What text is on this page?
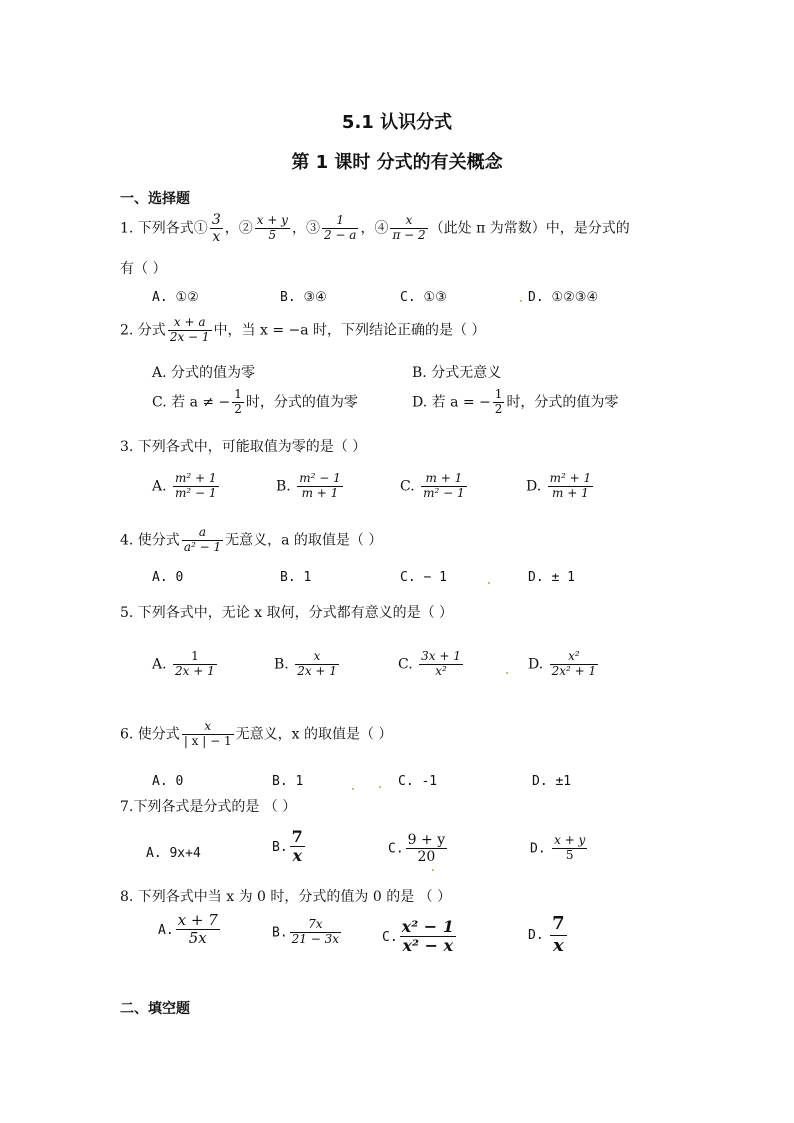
5.1 认识分式
第 1 课时 分式的有关概念
一、选择题
1. 下列各式① $\frac{3}{x}$ ，② $\frac{x + y}{5}$ ，③ $\frac{1}{2 - a}$ ，④ $\frac{x}{\pi - 2}$ （此处 π 为常数）中，是分式的
有（ ）
A. ①②	B. ③④	C. ①③	D. ①②③④
2. 分式 $\frac{x + a}{2x - 1}$ 中，当 x = −a 时，下列结论正确的是（ ）
A. 分式的值为零	B. 分式无意义
C. 若 a ≠ − $\frac{1}{2}$ 时，分式的值为零	D. 若 a = − $\frac{1}{2}$ 时，分式的值为零
3. 下列各式中，可能取值为零的是（ ）
A. $\frac{\text{m² + 1}}{\text{m² − 1}}$	B. $\frac{\text{m² − 1}}{m + 1}$	C. $\frac{m + 1}{\text{m² − 1}}$	D. $\frac{\text{m² + 1}}{m + 1}$
4. 使分式 $\frac{a}{\text{a² − 1}}$ 无意义，a 的取值是（ ）
A. 0	B. 1	C. − 1	D. ± 1
5. 下列各式中，无论 x 取何，分式都有意义的是（ ）
A. $\frac{1}{2x + 1}$	B. $\frac{x}{2x + 1}$	C. $\frac{3x + 1}{\text{x²}}$	D. $\frac{\text{x²}}{\text{2x² + 1}}$
6. 使分式 $\frac{x}{| x | - 1}$ 无意义，x 的取值是（ ）
A. 0	B. 1	C. -1	D. ±1
7.下列各式是分式的是 （ ）
A. 9x+4	B. $\frac{7}{x}$	C. $\frac{9 + y}{20}$	D. $\frac{x + y}{5}$
8. 下列各式中当 x 为 0 时，分式的值为 0 的是 （ ）
A. $\frac{x + 7}{5x}$	B. $\frac{7x}{21 - 3x}$	C. $\frac{\text{x² − 1}}{\text{x² − x}}$	D. $\frac{7}{x}$
二、填空题
